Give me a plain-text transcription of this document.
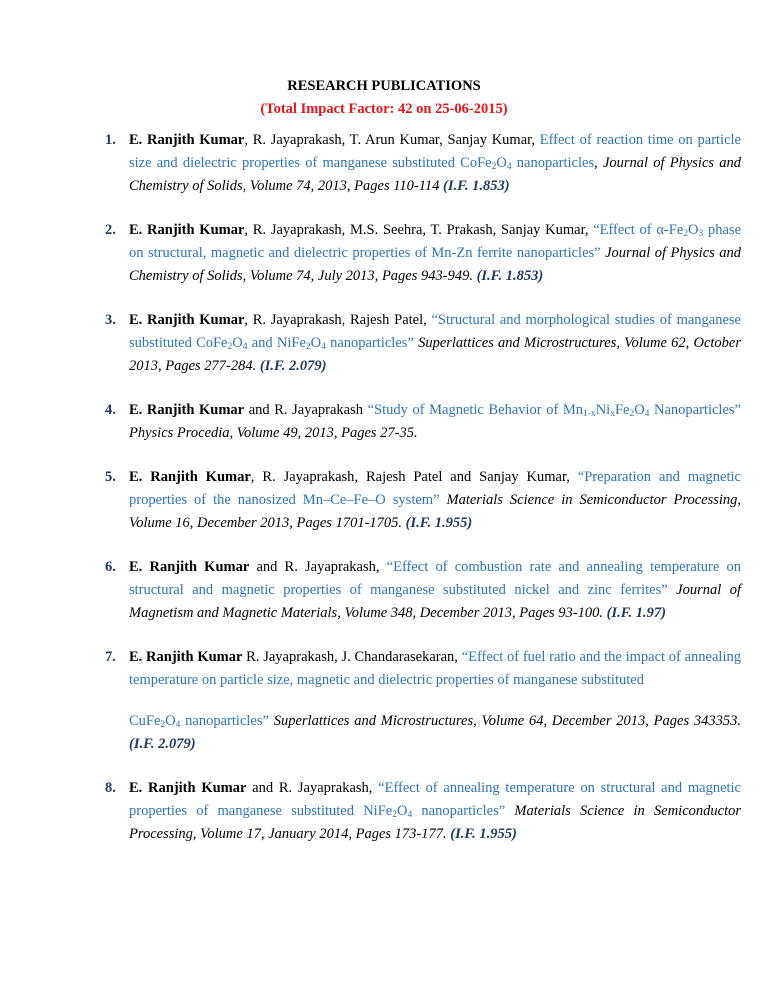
RESEARCH PUBLICATIONS
(Total Impact Factor: 42 on 25-06-2015)
1. E. Ranjith Kumar, R. Jayaprakash, T. Arun Kumar, Sanjay Kumar, Effect of reaction time on particle size and dielectric properties of manganese substituted $CoFe_2O_4$ nanoparticles, Journal of Physics and Chemistry of Solids, Volume 74, 2013, Pages 110-114 (I.F. 1.853)

2. E. Ranjith Kumar, R. Jayaprakash, M.S. Seehra, T. Prakash, Sanjay Kumar, “Effect of $\alpha-Fe_2O_3$ phase on structural, magnetic and dielectric properties of Mn-Zn ferrite nanoparticles” Journal of Physics and Chemistry of Solids, Volume 74, July 2013, Pages 943-949. (I.F. 1.853)

3. E. Ranjith Kumar, R. Jayaprakash, Rajesh Patel, “Structural and morphological studies of manganese substituted $CoFe_2O_4$ and $NiFe_2O_4$ nanoparticles” Superlattices and Microstructures, Volume 62, October 2013, Pages 277-284. (I.F. 2.079)

4. E. Ranjith Kumar and R. Jayaprakash “Study of Magnetic Behavior of $Mn_{1-x}Ni_xFe_2O_4$ Nanoparticles” Physics Procedia, Volume 49, 2013, Pages 27-35.

5. E. Ranjith Kumar, R. Jayaprakash, Rajesh Patel and Sanjay Kumar, “Preparation and magnetic properties of the nanosized Mn–Ce–Fe–O system” Materials Science in Semiconductor Processing, Volume 16, December 2013, Pages 1701-1705. (I.F. 1.955)

6. E. Ranjith Kumar and R. Jayaprakash, “Effect of combustion rate and annealing temperature on structural and magnetic properties of manganese substituted nickel and zinc ferrites” Journal of Magnetism and Magnetic Materials, Volume 348, December 2013, Pages 93-100. (I.F. 1.97)

7. E. Ranjith Kumar R. Jayaprakash, J. Chandarasekaran, “Effect of fuel ratio and the impact of annealing temperature on particle size, magnetic and dielectric properties of manganese substituted

$CuFe_2O_4$ nanoparticles” Superlattices and Microstructures, Volume 64, December 2013, Pages 343353. (I.F. 2.079)

8. E. Ranjith Kumar and R. Jayaprakash, “Effect of annealing temperature on structural and magnetic properties of manganese substituted $NiFe_2O_4$ nanoparticles” Materials Science in Semiconductor Processing, Volume 17, January 2014, Pages 173-177. (I.F. 1.955)
